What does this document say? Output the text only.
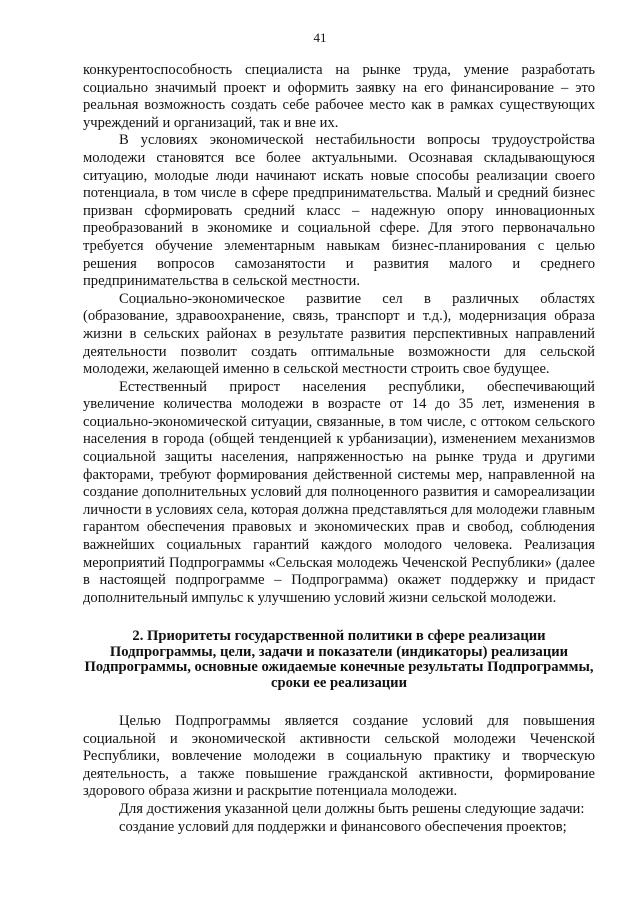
41

конкурентоспособность специалиста на рынке труда, умение разработать социально значимый проект и оформить заявку на его финансирование – это реальная возможность создать себе рабочее место как в рамках существующих учреждений и организаций, так и вне их.

В условиях экономической нестабильности вопросы трудоустройства молодежи становятся все более актуальными. Осознавая складывающуюся ситуацию, молодые люди начинают искать новые способы реализации своего потенциала, в том числе в сфере предпринимательства. Малый и средний бизнес призван сформировать средний класс – надежную опору инновационных преобразований в экономике и социальной сфере. Для этого первоначально требуется обучение элементарным навыкам бизнес-планирования с целью решения вопросов самозанятости и развития малого и среднего предпринимательства в сельской местности.

Социально-экономическое развитие сел в различных областях (образование, здравоохранение, связь, транспорт и т.д.), модернизация образа жизни в сельских районах в результате развития перспективных направлений деятельности позволит создать оптимальные возможности для сельской молодежи, желающей именно в сельской местности строить свое будущее.

Естественный прирост населения республики, обеспечивающий увеличение количества молодежи в возрасте от 14 до 35 лет, изменения в социально-экономической ситуации, связанные, в том числе, с оттоком сельского населения в города (общей тенденцией к урбанизации), изменением механизмов социальной защиты населения, напряженностью на рынке труда и другими факторами, требуют формирования действенной системы мер, направленной на создание дополнительных условий для полноценного развития и самореализации личности в условиях села, которая должна представляться для молодежи главным гарантом обеспечения правовых и экономических прав и свобод, соблюдения важнейших социальных гарантий каждого молодого человека. Реализация мероприятий Подпрограммы «Сельская молодежь Чеченской Республики» (далее в настоящей подпрограмме – Подпрограмма) окажет поддержку и придаст дополнительный импульс к улучшению условий жизни сельской молодежи.

2. Приоритеты государственной политики в сфере реализации Подпрограммы, цели, задачи и показатели (индикаторы) реализации Подпрограммы, основные ожидаемые конечные результаты Подпрограммы, сроки ее реализации

Целью Подпрограммы является создание условий для повышения социальной и экономической активности сельской молодежи Чеченской Республики, вовлечение молодежи в социальную практику и творческую деятельность, а также повышение гражданской активности, формирование здорового образа жизни и раскрытие потенциала молодежи.

Для достижения указанной цели должны быть решены следующие задачи:

создание условий для поддержки и финансового обеспечения проектов;
